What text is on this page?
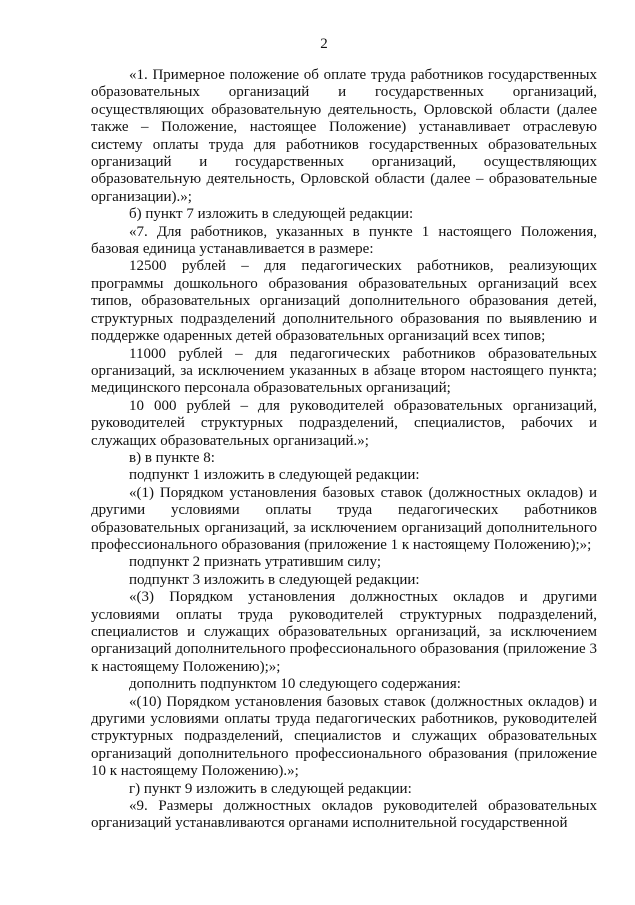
2

«1. Примерное положение об оплате труда работников государственных образовательных организаций и государственных организаций, осуществляющих образовательную деятельность, Орловской области (далее также – Положение, настоящее Положение) устанавливает отраслевую систему оплаты труда для работников государственных образовательных организаций и государственных организаций, осуществляющих образовательную деятельность, Орловской области (далее – образовательные организации).»;

б) пункт 7 изложить в следующей редакции:

«7. Для работников, указанных в пункте 1 настоящего Положения, базовая единица устанавливается в размере:

12500 рублей – для педагогических работников, реализующих программы дошкольного образования образовательных организаций всех типов, образовательных организаций дополнительного образования детей, структурных подразделений дополнительного образования по выявлению и поддержке одаренных детей образовательных организаций всех типов;

11000 рублей – для педагогических работников образовательных организаций, за исключением указанных в абзаце втором настоящего пункта; медицинского персонала образовательных организаций;

10 000 рублей – для руководителей образовательных организаций, руководителей структурных подразделений, специалистов, рабочих и служащих образовательных организаций.»;

в) в пункте 8:

подпункт 1 изложить в следующей редакции:

«(1) Порядком установления базовых ставок (должностных окладов) и другими условиями оплаты труда педагогических работников образовательных организаций, за исключением организаций дополнительного профессионального образования (приложение 1 к настоящему Положению);»;

подпункт 2 признать утратившим силу;

подпункт 3 изложить в следующей редакции:

«(3) Порядком установления должностных окладов и другими условиями оплаты труда руководителей структурных подразделений, специалистов и служащих образовательных организаций, за исключением организаций дополнительного профессионального образования (приложение 3 к настоящему Положению);»;

дополнить подпунктом 10 следующего содержания:

«(10) Порядком установления базовых ставок (должностных окладов) и другими условиями оплаты труда педагогических работников, руководителей структурных подразделений, специалистов и служащих образовательных организаций дополнительного профессионального образования (приложение 10 к настоящему Положению).»;

г) пункт 9 изложить в следующей редакции:

«9. Размеры должностных окладов руководителей образовательных организаций устанавливаются органами исполнительной государственной
